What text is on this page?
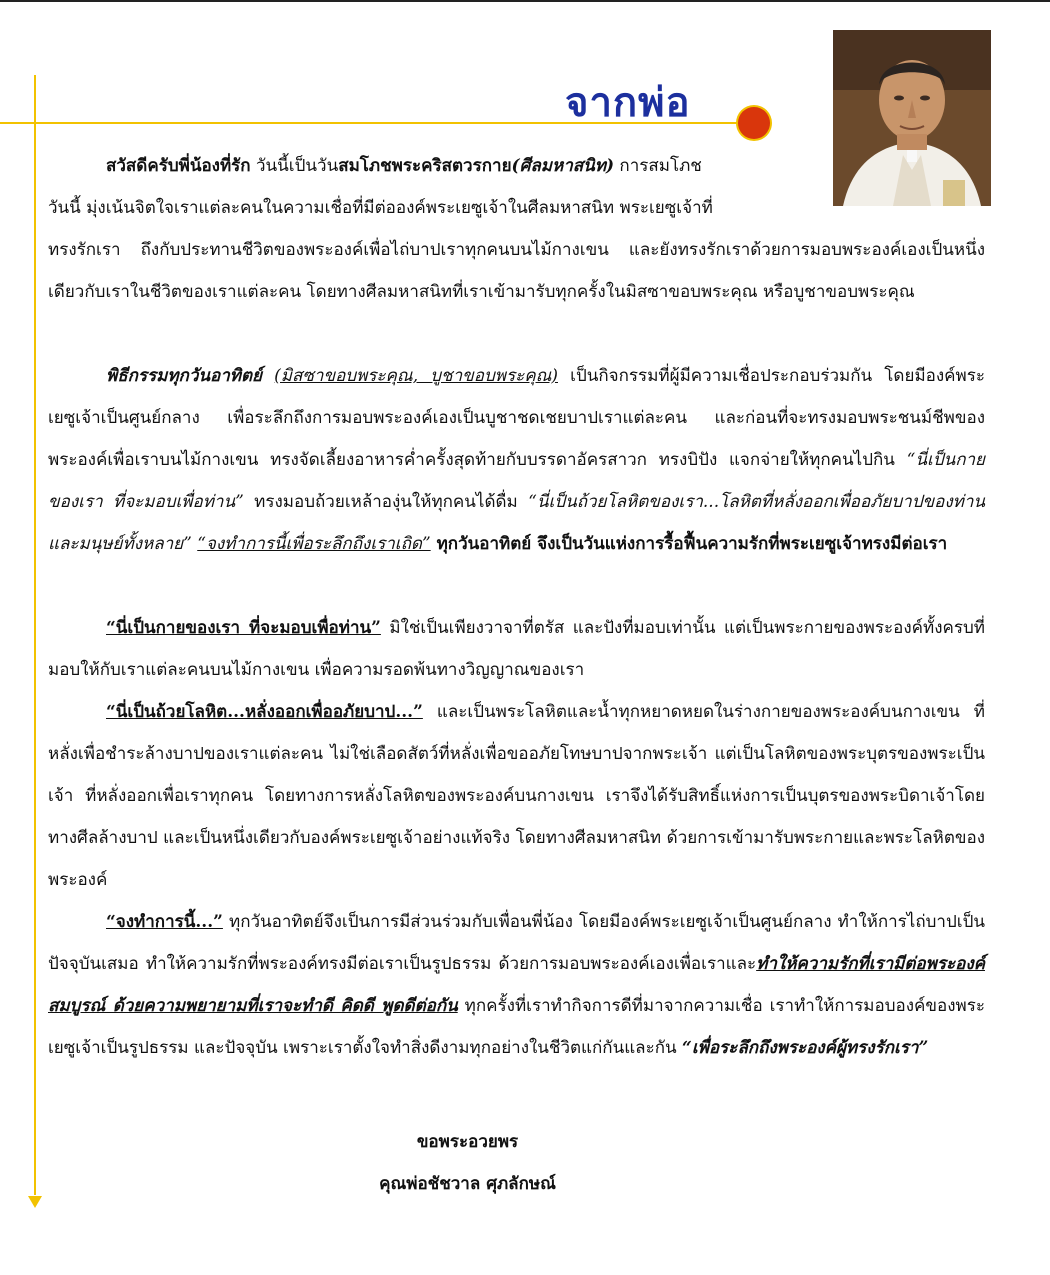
จากพ่อ

สวัสดีครับพี่น้องที่รัก วันนี้เป็นวันสมโภชพระคริสตวรกาย(ศีลมหาสนิท) การสมโภช

วันนี้ มุ่งเน้นจิตใจเราแต่ละคนในความเชื่อที่มีต่อองค์พระเยซูเจ้าในศีลมหาสนิท พระเยซูเจ้าที่

ทรงรักเรา ถึงกับประทานชีวิตของพระองค์เพื่อไถ่บาปเราทุกคนบนไม้กางเขน และยังทรงรักเราด้วยการมอบพระองค์เองเป็นหนึ่งเดียวกับเราในชีวิตของเราแต่ละคน โดยทางศีลมหาสนิทที่เราเข้ามารับทุกครั้งในมิสซาขอบพระคุณ หรือบูชาขอบพระคุณ

พิธีกรรมทุกวันอาทิตย์ (มิสซาขอบพระคุณ, บูชาขอบพระคุณ) เป็นกิจกรรมที่ผู้มีความเชื่อประกอบร่วมกัน โดยมีองค์พระเยซูเจ้าเป็นศูนย์กลาง เพื่อระลึกถึงการมอบพระองค์เองเป็นบูชาชดเชยบาปเราแต่ละคน และก่อนที่จะทรงมอบพระชนม์ชีพของพระองค์เพื่อเราบนไม้กางเขน ทรงจัดเลี้ยงอาหารค่ำครั้งสุดท้ายกับบรรดาอัครสาวก ทรงบิปัง แจกจ่ายให้ทุกคนไปกิน “นี่เป็นกายของเรา ที่จะมอบเพื่อท่าน” ทรงมอบถ้วยเหล้าองุ่นให้ทุกคนได้ดื่ม “นี่เป็นถ้วยโลหิตของเรา...โลหิตที่หลั่งออกเพื่ออภัยบาปของท่าน และมนุษย์ทั้งหลาย” “จงทำการนี้เพื่อระลึกถึงเราเถิด” ทุกวันอาทิตย์ จึงเป็นวันแห่งการรื้อฟื้นความรักที่พระเยซูเจ้าทรงมีต่อเรา

“นี่เป็นกายของเรา ที่จะมอบเพื่อท่าน” มิใช่เป็นเพียงวาจาที่ตรัส และปังที่มอบเท่านั้น แต่เป็นพระกายของพระองค์ทั้งครบที่มอบให้กับเราแต่ละคนบนไม้กางเขน เพื่อความรอดพ้นทางวิญญาณของเรา

“นี่เป็นถ้วยโลหิต...หลั่งออกเพื่ออภัยบาป...” และเป็นพระโลหิตและน้ำทุกหยาดหยดในร่างกายของพระองค์บนกางเขน ที่หลั่งเพื่อชำระล้างบาปของเราแต่ละคน ไม่ใช่เลือดสัตว์ที่หลั่งเพื่อขออภัยโทษบาปจากพระเจ้า แต่เป็นโลหิตของพระบุตรของพระเป็นเจ้า ที่หลั่งออกเพื่อเราทุกคน โดยทางการหลั่งโลหิตของพระองค์บนกางเขน เราจึงได้รับสิทธิ์แห่งการเป็นบุตรของพระบิดาเจ้าโดยทางศีลล้างบาป และเป็นหนึ่งเดียวกับองค์พระเยซูเจ้าอย่างแท้จริง โดยทางศีลมหาสนิท ด้วยการเข้ามารับพระกายและพระโลหิตของพระองค์

“จงทำการนี้...” ทุกวันอาทิตย์จึงเป็นการมีส่วนร่วมกับเพื่อนพี่น้อง โดยมีองค์พระเยซูเจ้าเป็นศูนย์กลาง ทำให้การไถ่บาปเป็นปัจจุบันเสมอ ทำให้ความรักที่พระองค์ทรงมีต่อเราเป็นรูปธรรม ด้วยการมอบพระองค์เองเพื่อเราและทำให้ความรักที่เรามีต่อพระองค์สมบูรณ์ ด้วยความพยายามที่เราจะทำดี คิดดี พูดดีต่อกัน ทุกครั้งที่เราทำกิจการดีที่มาจากความเชื่อ เราทำให้การมอบองค์ของพระเยซูเจ้าเป็นรูปธรรม และปัจจุบัน เพราะเราตั้งใจทำสิ่งดีงามทุกอย่างในชีวิตแก่กันและกัน “เพื่อระลึกถึงพระองค์ผู้ทรงรักเรา”

ขอพระอวยพร
คุณพ่อชัชวาล ศุภลักษณ์
